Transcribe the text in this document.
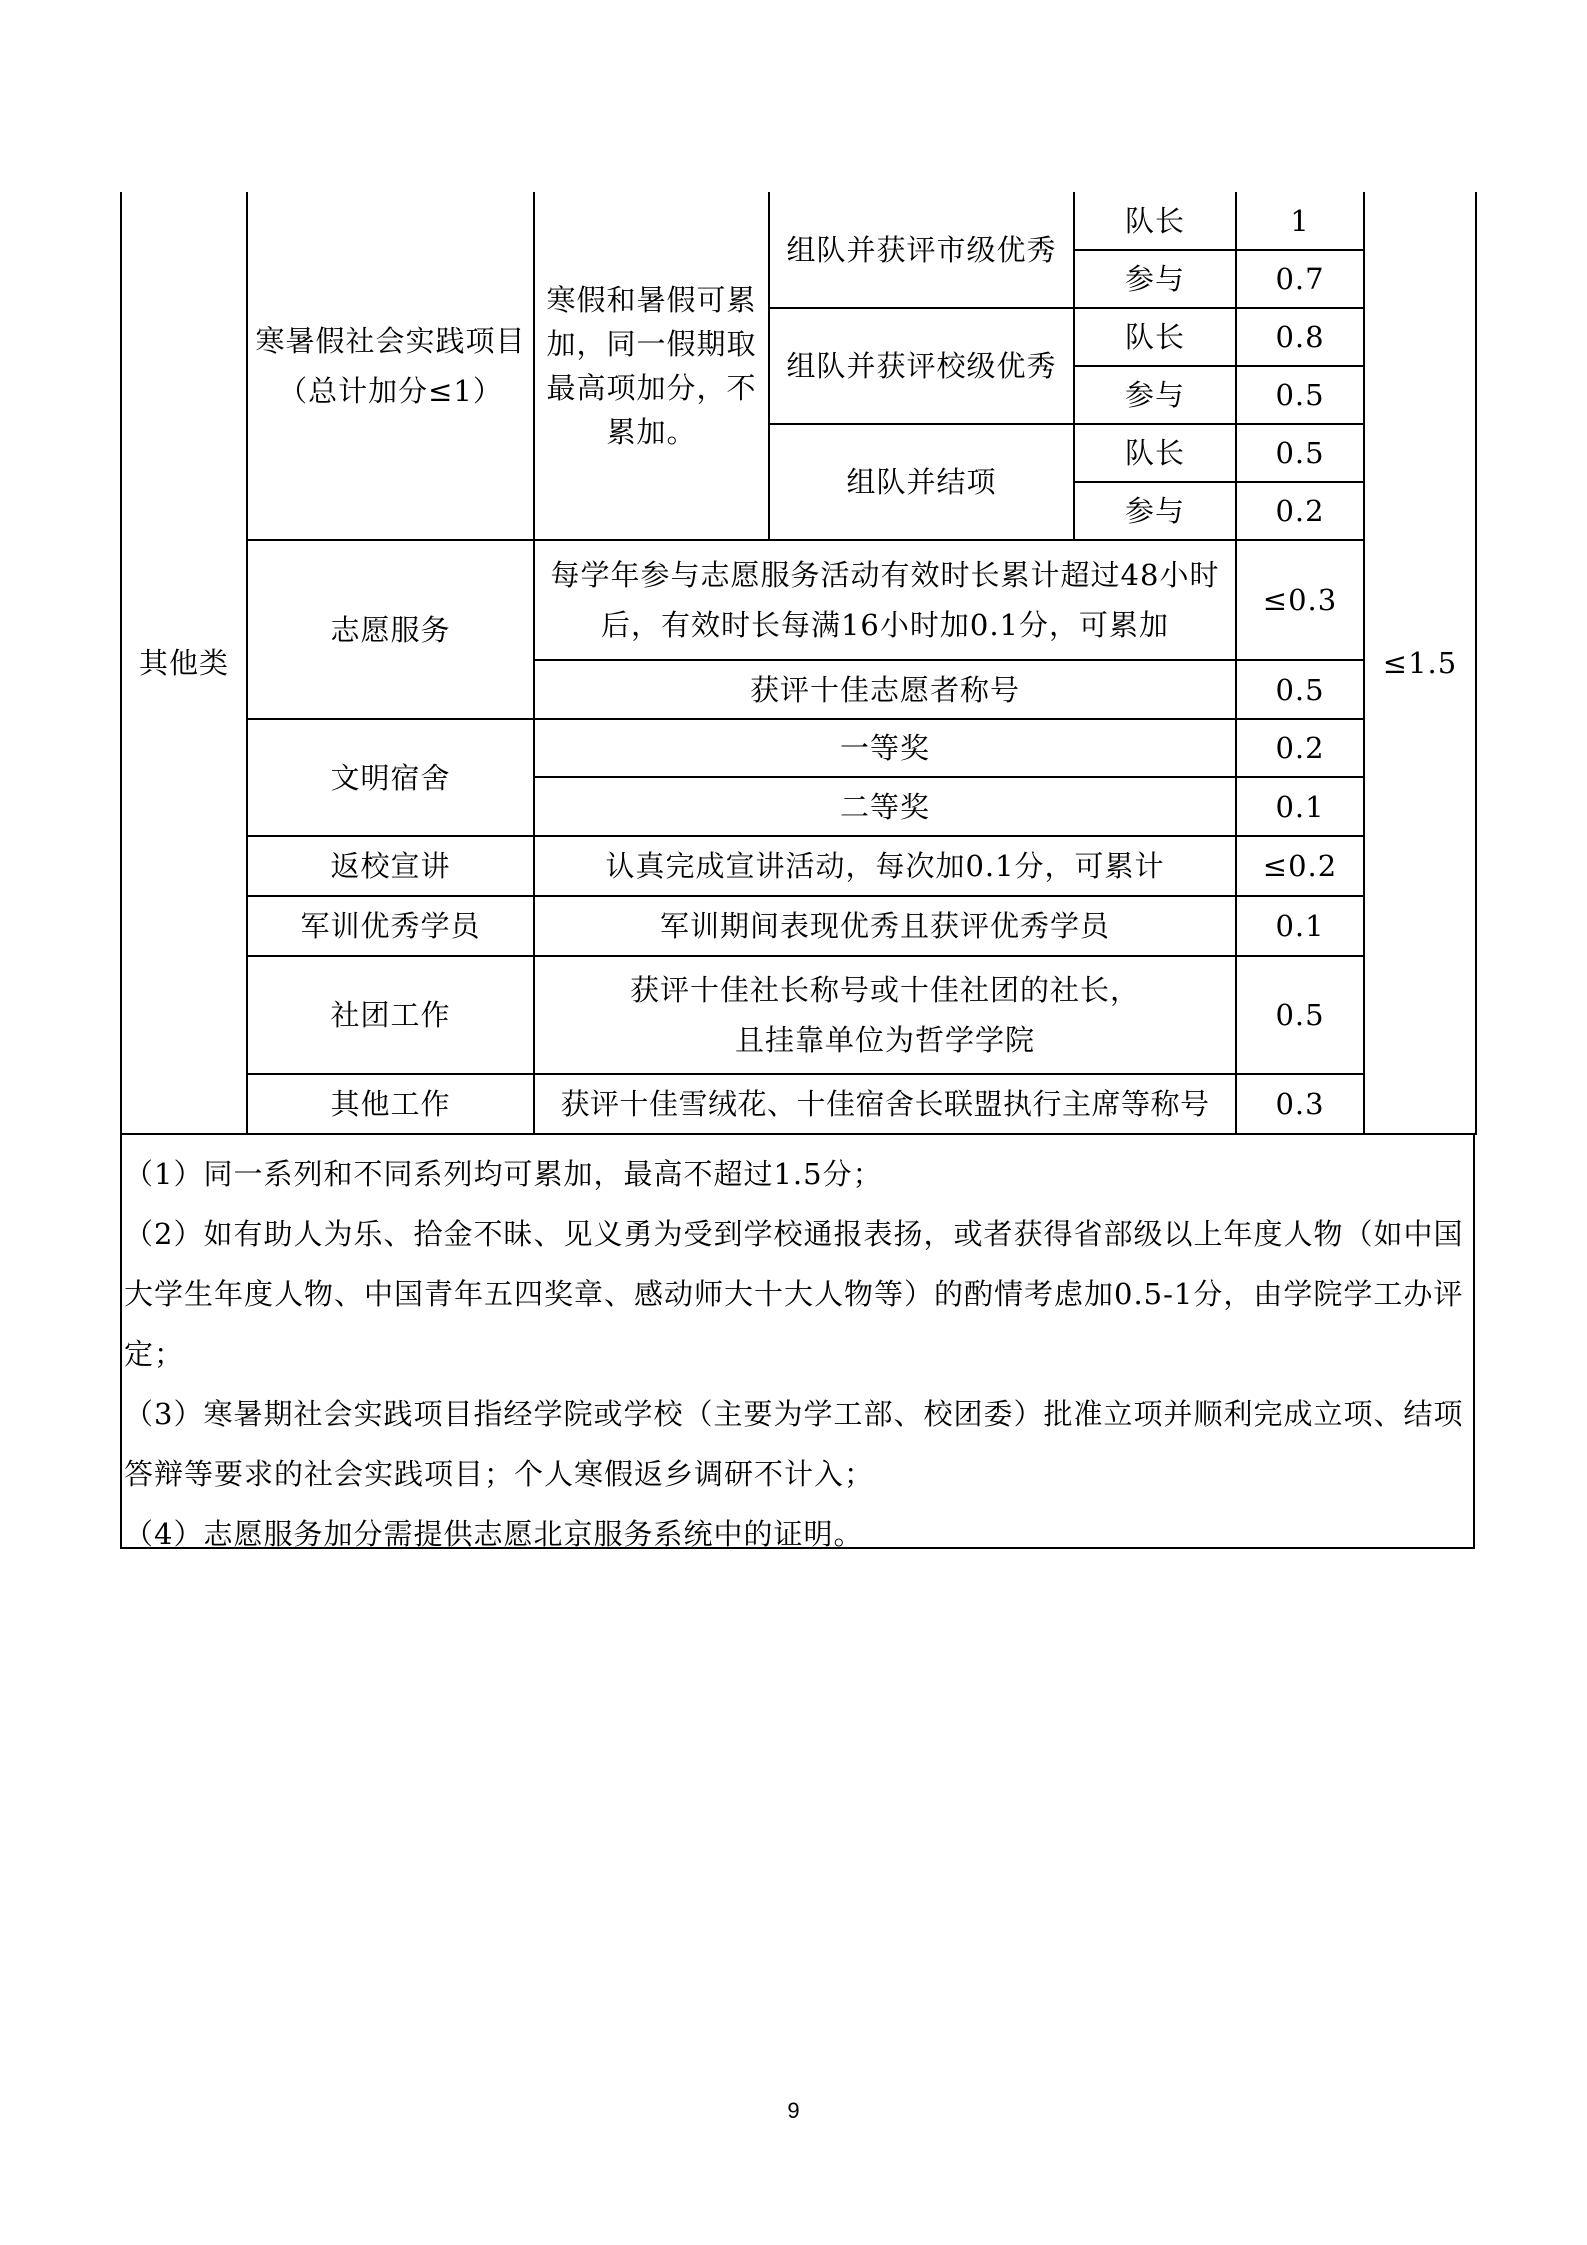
其他类	寒暑假社会实践项目（总计加分≤1）	寒假和暑假可累加，同一假期取最高项加分，不累加。	组队并获评市级优秀	队长	1	≤1.5
				参与	0.7	
			组队并获评校级优秀	队长	0.8	
				参与	0.5	
			组队并结项	队长	0.5	
				参与	0.2	
	志愿服务	每学年参与志愿服务活动有效时长累计超过48小时后，有效时长每满16小时加0.1分，可累加			≤0.3	
		获评十佳志愿者称号			0.5	
	文明宿舍	一等奖			0.2	
		二等奖			0.1	
	返校宣讲	认真完成宣讲活动，每次加0.1分，可累计			≤0.2	
	军训优秀学员	军训期间表现优秀且获评优秀学员			0.1	
	社团工作	获评十佳社长称号或十佳社团的社长，
且挂靠单位为哲学学院			0.5	
	其他工作	获评十佳雪绒花、十佳宿舍长联盟执行主席等称号			0.3	

（1）同一系列和不同系列均可累加，最高不超过1.5分；

（2）如有助人为乐、拾金不昧、见义勇为受到学校通报表扬，或者获得省部级以上年度人物（如中国大学生年度人物、中国青年五四奖章、感动师大十大人物等）的酌情考虑加0.5-1分，由学院学工办评定；

（3）寒暑期社会实践项目指经学院或学校（主要为学工部、校团委）批准立项并顺利完成立项、结项答辩等要求的社会实践项目；个人寒假返乡调研不计入；

（4）志愿服务加分需提供志愿北京服务系统中的证明。

9
